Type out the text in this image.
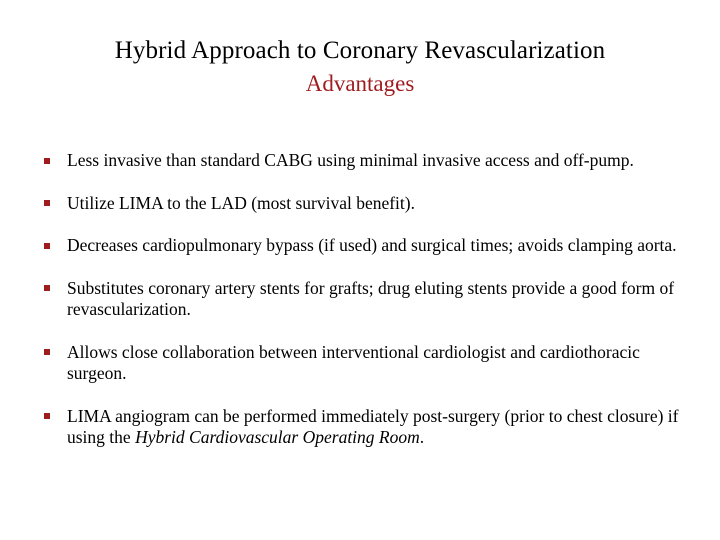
Hybrid Approach to Coronary Revascularization
Advantages
Less invasive than standard CABG using minimal invasive access and off-pump.
Utilize LIMA to the LAD (most survival benefit).
Decreases cardiopulmonary bypass (if used) and surgical times; avoids clamping aorta.
Substitutes coronary artery stents for grafts; drug eluting stents provide a good form of revascularization.
Allows close collaboration between interventional cardiologist and cardiothoracic surgeon.
LIMA angiogram can be performed immediately post-surgery (prior to chest closure) if using the Hybrid Cardiovascular Operating Room.
